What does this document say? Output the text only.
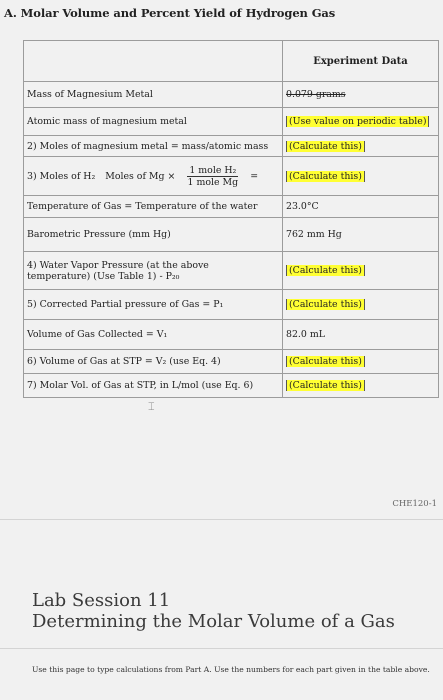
A. Molar Volume and Percent Yield of Hydrogen Gas
	Experiment Data
Mass of Magnesium Metal	0.079 grams
Atomic mass of magnesium metal	(Use value on periodic table)
2) Moles of magnesium metal = mass/atomic mass	(Calculate this)

3) Moles of H₂ Moles of $Mg \times \frac{\text{1 mole H₂}}{\text{1 mole Mg}}$ =	(Calculate this)
Temperature of Gas = Temperature of the water	23.0°C
Barometric Pressure (mm Hg)	762 mm Hg

4) Water Vapor Pressure (at the above
temperature) (Use Table 1) - P₂₀	(Calculate this)
5) Corrected Partial pressure of Gas = P₁	(Calculate this)
Volume of Gas Collected = V₁	82.0 mL
6) Volume of Gas at STP = V₂ (use Eq. 4)	(Calculate this)
7) Molar Vol. of Gas at STP, in L/mol (use Eq. 6)	(Calculate this)
⌶
CHE120-1
Lab Session 11
Determining the Molar Volume of a Gas
Use this page to type calculations from Part A. Use the numbers for each part given in the table above.
